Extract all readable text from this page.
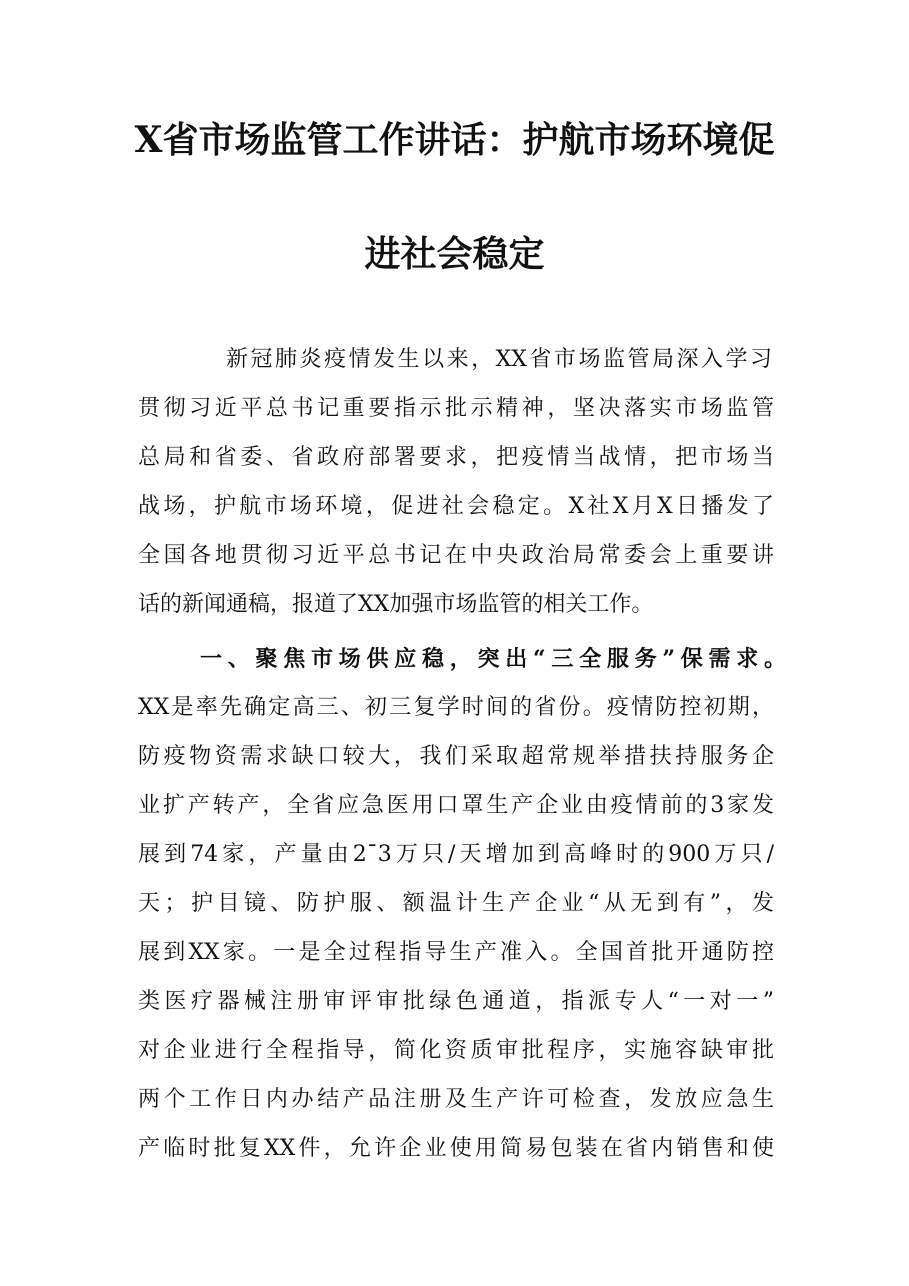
X省市场监管工作讲话：护航市场环境促
进社会稳定
新冠肺炎疫情发生以来，XX省市场监管局深入学习
贯彻习近平总书记重要指示批示精神，坚决落实市场监管
总局和省委、省政府部署要求，把疫情当战情，把市场当
战场，护航市场环境，促进社会稳定。X社X月X日播发了
全国各地贯彻习近平总书记在中央政治局常委会上重要讲
话的新闻通稿，报道了XX加强市场监管的相关工作。
一、聚焦市场供应稳，突出“三全服务”保需求。
XX是率先确定高三、初三复学时间的省份。疫情防控初期，
防疫物资需求缺口较大，我们采取超常规举措扶持服务企
业扩产转产，全省应急医用口罩生产企业由疫情前的3家发
展到74家，产量由2¯3万只/天增加到高峰时的900万只/
天；护目镜、防护服、额温计生产企业“从无到有”，发
展到XX家。一是全过程指导生产准入。全国首批开通防控
类医疗器械注册审评审批绿色通道，指派专人“一对一”
对企业进行全程指导，简化资质审批程序，实施容缺审批
两个工作日内办结产品注册及生产许可检查，发放应急生
产临时批复XX件，允许企业使用简易包装在省内销售和使
